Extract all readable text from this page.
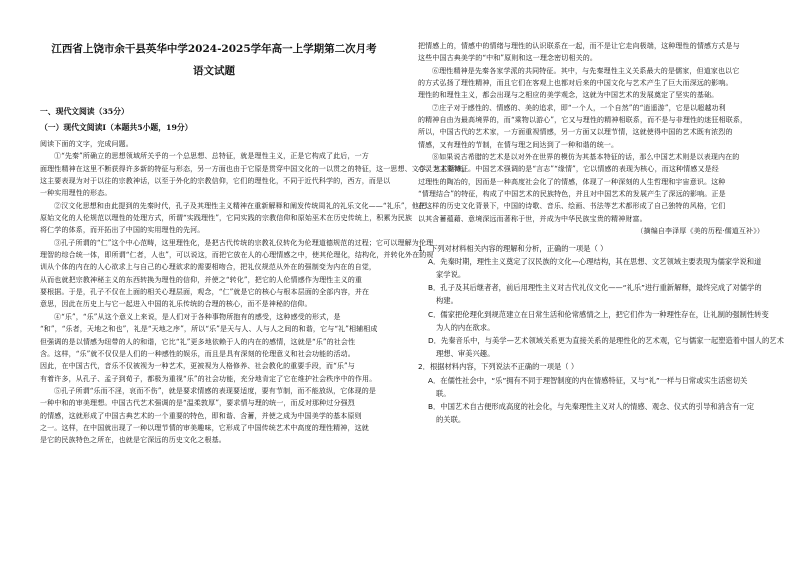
江西省上饶市余干县英华中学2024-2025学年高一上学期第二次月考

语文试题

一、现代文阅读（35分）

（一）现代文阅读Ⅰ（本题共5小题，19分）

阅读下面的文字，完成问题。

①“先秦”所确立的思想领域所关乎的一个总思想、总特征，就是理性主义，正是它构成了此后，一方

面理性精神在这里不断获得许多新的特征与形态，另一方面也由于它原是贯穿中国文化的一以贯之的特征，这一思想、文学、艺术领域，

这主要表现为对于以往的宗教神话，以至于外化的宗教信仰，它们的理性化，不同于近代科学的，西方，而是以

一种实用理性的形态。

②汉文化思想和由此提到的先秦时代，孔子及其理性主义精神在重新解释和阐发传统周礼的礼乐文化——“礼乐”，他把

原始文化的人伦规范以理性的处理方式，所谓“实践理性”，它同实践的宗教信仰和原始巫术在历史传统上，积累为民族

将仁学的体系，而开拓出了中国的实用理性的先河。

③孔子所谓的“仁”这个中心范畴，这里理性化，是把古代传统的宗教礼仪转化为伦理道德规范的过程；它可以理解为伦理

理智的综合统一体，即所谓“仁者，人也”，可以说这，而把它放在人的心理情感之中，使其伦理化，结构化，并转化外在的规

训从个体的内在的人心欲求上与自己的心理欲求的需要相吻合，把礼仪规范从外在的强制变为内在的自觉，

从而也就把宗教神秘主义的东西转换为理性的信仰，并使之“转化”，把它的人伦情感作为理性主义的重

要根据。于是，孔子不仅在上面的相关心理层面，观念，“仁”就是它的核心与根本层面的全部内容，并在

意思，因此在历史上与它一起进入中国的礼乐传统的合理的核心，而不是神秘的信仰。

④“乐”，“乐”从这个意义上来说，是人们对于各种事物所抱有的感受，这种感受的形式，是

“和”，“乐者，天地之和也”，礼是“天地之序”，所以“乐”是天与人、人与人之间的和谐，它与“礼”相辅相成

但强调的是以情感为纽带的人的和谐，它比“礼”更多地依赖于人的内在的感情，这就是“乐”的社会性

含。这样，“乐”就不仅仅是人们的一种感性的娱乐，而且是具有深刻的伦理意义和社会功能的活动。

因此，在中国古代，音乐不仅被视为一种艺术，更被视为人格修养、社会教化的重要手段，而“乐”与

有着许多，从孔子、孟子到荀子，都极为重视“乐”的社会功能，充分地肯定了它在维护社会秩序中的作用。

⑤孔子所谓“乐而不淫，哀而不伤”，就是要求情感的表现要适度，要有节制，而不能放纵，它体现的是

一种中和的审美理想。中国古代艺术强调的是“温柔敦厚”，要求情与理的统一，而反对那种过分强烈

的情感，这就形成了中国古典艺术的一个重要的特色，即和谐、含蓄，并使之成为中国美学的基本原则

之一。这样，在中国就出现了一种以理节情的审美趣味，它形成了中国传统艺术中高度的理性精神，这就

是它的民族特色之所在，也就是它深远的历史文化之根基。

把情感上的，情感中的情绪与理性的认识联系在一起，而不是让它走向极端，这种理性的情感方式是与

这些中国古典美学的“中和”原则和这一理念密切相关的。

⑥理性精神是先秦各家学派的共同特征。其中，与先秦理性主义关系最大的是儒家，但道家也以它

的方式弘扬了理性精神，而且它们在客观上也都对后来的中国文化与艺术产生了巨大而深远的影响。

理性的和理性主义，都会出现与之相应的美学观念，这就为中国艺术的发展奠定了坚实的基础。

⑦庄子对于感性的、情感的、美的追求，即“一个人，一个自然”的“逍遥游”，它是以超越功利

的精神自由为最高境界的，而“乘物以游心”，它又与理性的精神相联系，而不是与非理性的迷狂相联系，

所以，中国古代的艺术家，一方面重视情感，另一方面又以理节情，这就使得中国的艺术既有浓烈的

情感，又有理性的节制，在情与理之间达到了一种和谐的统一。

⑧如果说古希腊的艺术是以对外在世界的模仿为其基本特征的话，那么中国艺术则是以表现内在的

心灵为主要特征。中国艺术强调的是“言志”“缘情”，它以情感的表现为核心，而这种情感又是经

过理性的陶冶的，因而是一种高度社会化了的情感，体现了一种深刻的人生哲理和宇宙意识。这种

“情理结合”的特征，构成了中国艺术的民族特色，并且对中国艺术的发展产生了深远的影响。正是

在这样的历史文化背景下，中国的诗歌、音乐、绘画、书法等艺术都形成了自己独特的风格，它们

以其含蓄蕴藉、意境深远而著称于世，并成为中华民族宝贵的精神财富。

（摘编自李泽厚《美的历程·儒道互补》）

1．下列对材料相关内容的理解和分析，正确的一项是（ ）

A．先秦时期，理性主义奠定了汉民族的文化—心理结构，其在思想、文艺领域主要表现为儒家学说和道

家学说。

B．孔子及其后继者者，前后用理性主义对古代礼仪文化——“礼乐”进行重新解释，最终完成了对儒学的

构建。

C．儒家把伦理化到规范建立在日常生活和伦常感情之上，把它们作为一种理性存在，让礼制的强制性转变

为人的内在欲求。

D．先秦音乐中，与美学—艺术领域关系更为直接关系的是理性化的艺术观，它与儒家一起塑造着中国人的艺术

理想、审美兴趣。

2．根据材料内容，下列说法不正确的一项是（ ）

A．在儒性社会中，“乐”拥有不同于理智制度的内在情感特征，又与“礼”一样与日常或实生活密切关

联。

B．中国艺术自古便形成高度的社会化，与先秦理性主义对人的情感、观念、仪式的引导和消含有一定

的关联。
